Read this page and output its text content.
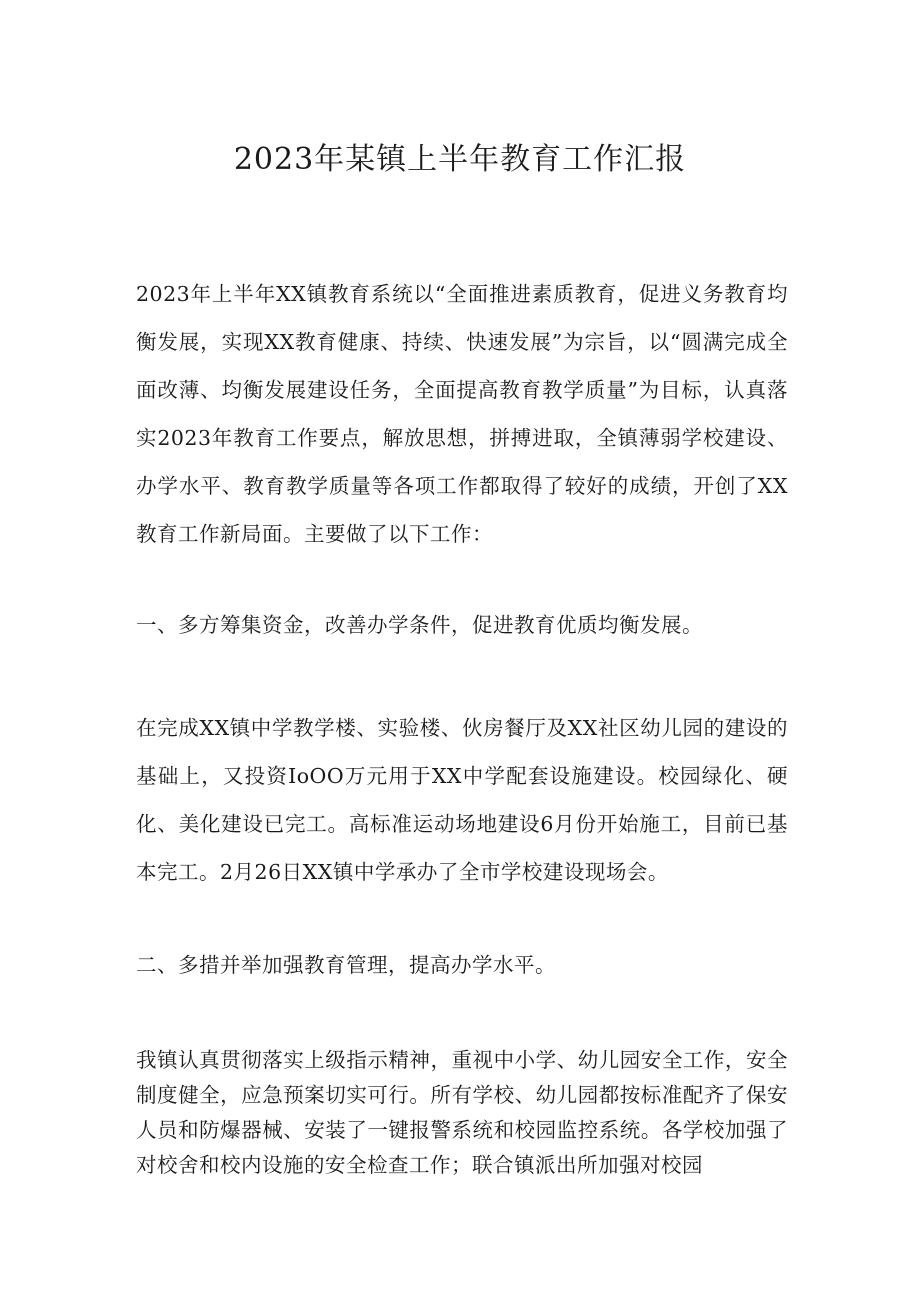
2023年某镇上半年教育工作汇报

2023年上半年XX镇教育系统以“全面推进素质教育，促进义务教育均衡发展，实现XX教育健康、持续、快速发展”为宗旨，以“圆满完成全面改薄、均衡发展建设任务，全面提高教育教学质量”为目标，认真落实2023年教育工作要点，解放思想，拼搏进取，全镇薄弱学校建设、办学水平、教育教学质量等各项工作都取得了较好的成绩，开创了XX教育工作新局面。主要做了以下工作：

一、多方筹集资金，改善办学条件，促进教育优质均衡发展。

在完成XX镇中学教学楼、实验楼、伙房餐厅及XX社区幼儿园的建设的基础上，又投资IoOO万元用于XX中学配套设施建设。校园绿化、硬化、美化建设已完工。高标准运动场地建设6月份开始施工，目前已基本完工。2月26日XX镇中学承办了全市学校建设现场会。

二、多措并举加强教育管理，提高办学水平。

我镇认真贯彻落实上级指示精神，重视中小学、幼儿园安全工作，安全制度健全，应急预案切实可行。所有学校、幼儿园都按标准配齐了保安人员和防爆器械、安装了一键报警系统和校园监控系统。各学校加强了对校舍和校内设施的安全检查工作；联合镇派出所加强对校园
